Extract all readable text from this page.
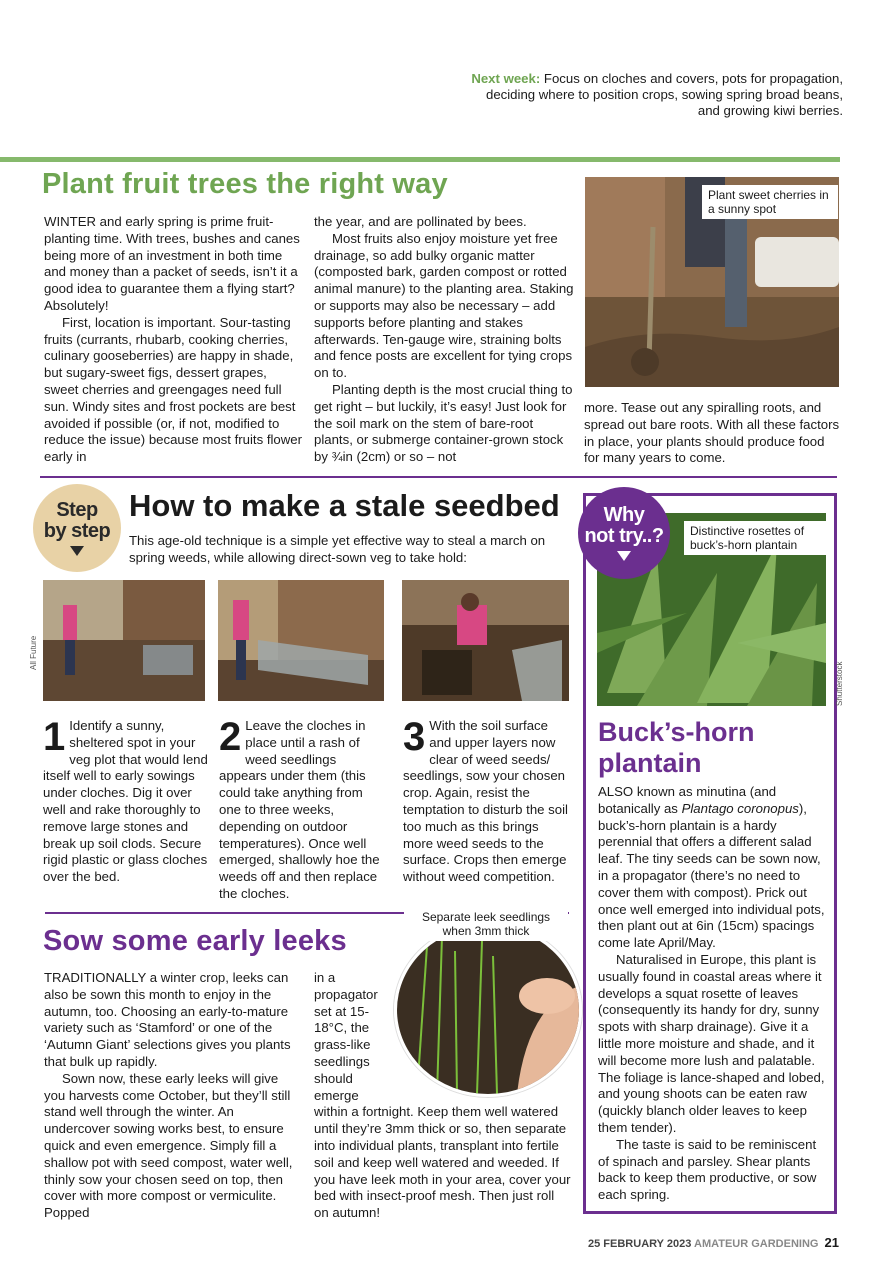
Next week: Focus on cloches and covers, pots for propagation, deciding where to position crops, sowing spring broad beans, and growing kiwi berries.
Plant fruit trees the right way

WINTER and early spring is prime fruit-planting time. With trees, bushes and canes being more of an investment in both time and money than a packet of seeds, isn’t it a good idea to guarantee them a flying start? Absolutely!

First, location is important. Sour-tasting fruits (currants, rhubarb, cooking cherries, culinary gooseberries) are happy in shade, but sugary-sweet figs, dessert grapes, sweet cherries and greengages need full sun. Windy sites and frost pockets are best avoided if possible (or, if not, modified to reduce the issue) because most fruits flower early in

the year, and are pollinated by bees.

Most fruits also enjoy moisture yet free drainage, so add bulky organic matter (composted bark, garden compost or rotted animal manure) to the planting area. Staking or supports may also be necessary – add supports before planting and stakes afterwards. Ten-gauge wire, straining bolts and fence posts are excellent for tying crops on to.

Planting depth is the most crucial thing to get right – but luckily, it’s easy! Just look for the soil mark on the stem of bare-root plants, or submerge container-grown stock by ¾in (2cm) or so – not

Plant sweet cherries in a sunny spot
more. Tease out any spiralling roots, and spread out bare roots. With all these factors in place, your plants should produce food for many years to come.
Step
by step
How to make a stale seedbed
This age-old technique is a simple yet effective way to steal a march on spring weeds, while allowing direct-sown veg to take hold:
All Future
1 Identify a sunny, sheltered spot in your veg plot that would lend itself well to early sowings under cloches. Dig it over well and rake thoroughly to remove large stones and break up soil clods. Secure rigid plastic or glass cloches over the bed.
2 Leave the cloches in place until a rash of weed seedlings appears under them (this could take anything from one to three weeks, depending on outdoor temperatures). Once well emerged, shallowly hoe the weeds off and then replace the cloches.
3 With the soil surface and upper layers now clear of weed seeds/ seedlings, sow your chosen crop. Again, resist the temptation to disturb the soil too much as this brings more weed seeds to the surface. Crops then emerge without weed competition.
Sow some early leeks

TRADITIONALLY a winter crop, leeks can also be sown this month to enjoy in the autumn, too. Choosing an early-to-mature variety such as ‘Stamford’ or one of the ‘Autumn Giant’ selections gives you plants that bulk up rapidly.

Sown now, these early leeks will give you harvests come October, but they’ll still stand well through the winter. An undercover sowing works best, to ensure quick and even emergence. Simply fill a shallow pot with seed compost, water well, thinly sow your chosen seed on top, then cover with more compost or vermiculite. Popped

Separate leek seedlings when 3mm thick
in a propagator set at 15-18°C, the grass-like seedlings should emerge within a fortnight. Keep them well watered until they’re 3mm thick or so, then separate into individual plants, transplant into fertile soil and keep well watered and weeded. If you have leek moth in your area, cover your bed with insect-proof mesh. Then just roll on autumn!
Distinctive rosettes of buck’s-horn plantain
Shutterstock
Why
not try..?
Buck’s-horn plantain

ALSO known as minutina (and botanically as Plantago coronopus), buck’s-horn plantain is a hardy perennial that offers a different salad leaf. The tiny seeds can be sown now, in a propagator (there’s no need to cover them with compost). Prick out once well emerged into individual pots, then plant out at 6in (15cm) spacings come late April/May.

Naturalised in Europe, this plant is usually found in coastal areas where it develops a squat rosette of leaves (consequently its handy for dry, sunny spots with sharp drainage). Give it a little more moisture and shade, and it will become more lush and palatable. The foliage is lance-shaped and lobed, and young shoots can be eaten raw (quickly blanch older leaves to keep them tender).

The taste is said to be reminiscent of spinach and parsley. Shear plants back to keep them productive, or sow each spring.

25 FEBRUARY 2023 AMATEUR GARDENING 21
